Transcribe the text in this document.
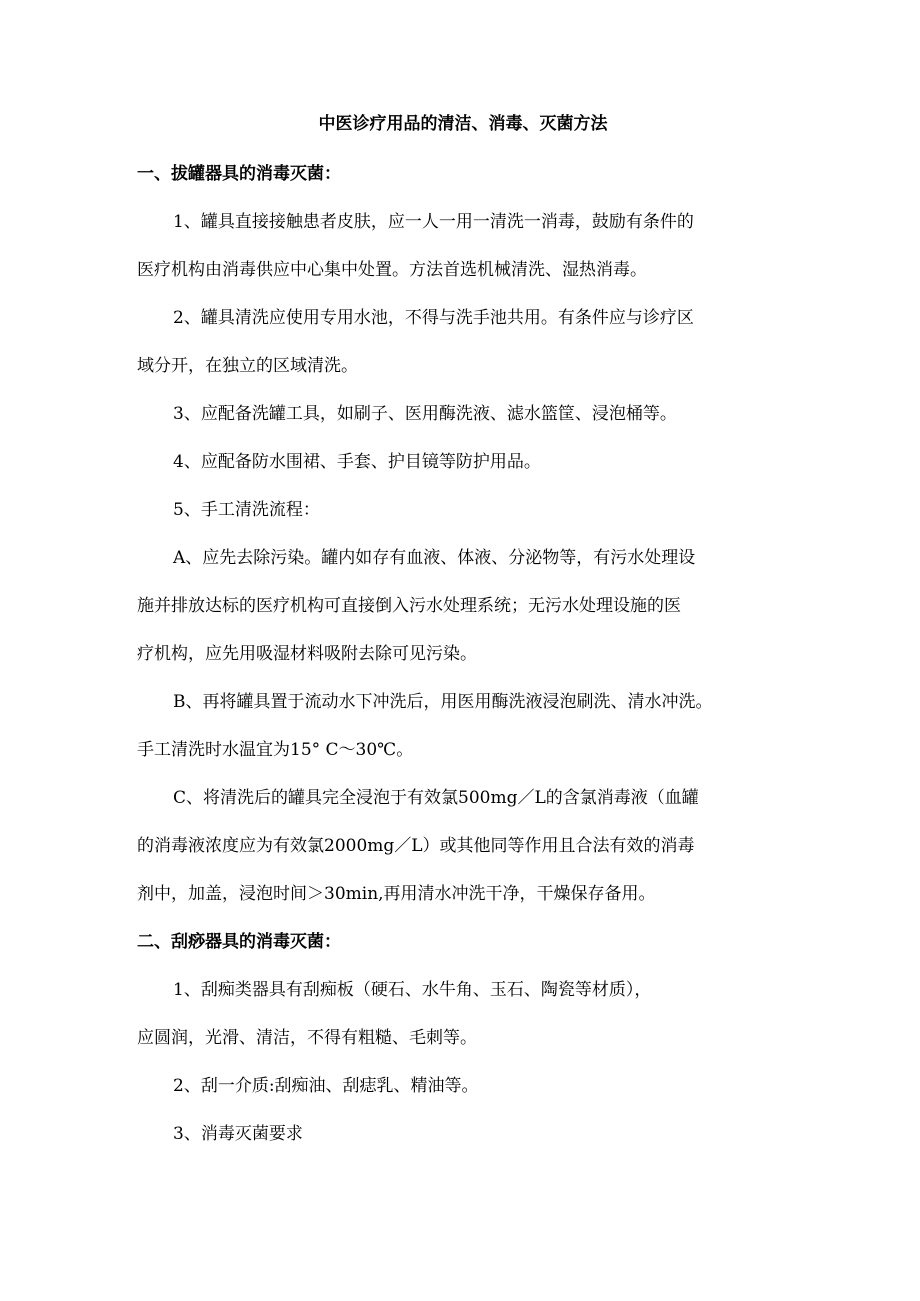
中医诊疗用品的清洁、消毒、灭菌方法
一、拔罐器具的消毒灭菌：
1、罐具直接接触患者皮肤，应一人一用一清洗一消毒，鼓励有条件的
医疗机构由消毒供应中心集中处置。方法首选机械清洗、湿热消毒。
2、罐具清洗应使用专用水池，不得与洗手池共用。有条件应与诊疗区
域分开，在独立的区域清洗。
3、应配备洗罐工具，如刷子、医用酶洗液、滤水篮筐、浸泡桶等。
4、应配备防水围裙、手套、护目镜等防护用品。
5、手工清洗流程：
A、应先去除污染。罐内如存有血液、体液、分泌物等，有污水处理设
施并排放达标的医疗机构可直接倒入污水处理系统；无污水处理设施的医
疗机构，应先用吸湿材料吸附去除可见污染。
B、再将罐具置于流动水下冲洗后，用医用酶洗液浸泡刷洗、清水冲洗。
手工清洗时水温宜为15° C～30℃。
C、将清洗后的罐具完全浸泡于有效氯500mg／L的含氯消毒液（血罐
的消毒液浓度应为有效氯2000mg／L）或其他同等作用且合法有效的消毒
剂中，加盖，浸泡时间＞30min,再用清水冲洗干净，干燥保存备用。
二、刮痧器具的消毒灭菌：
1、刮痴类器具有刮痴板（硬石、水牛角、玉石、陶瓷等材质），
应圆润，光滑、清洁，不得有粗糙、毛刺等。
2、刮一介质:刮痴油、刮痣乳、精油等。
3、消毒灭菌要求
